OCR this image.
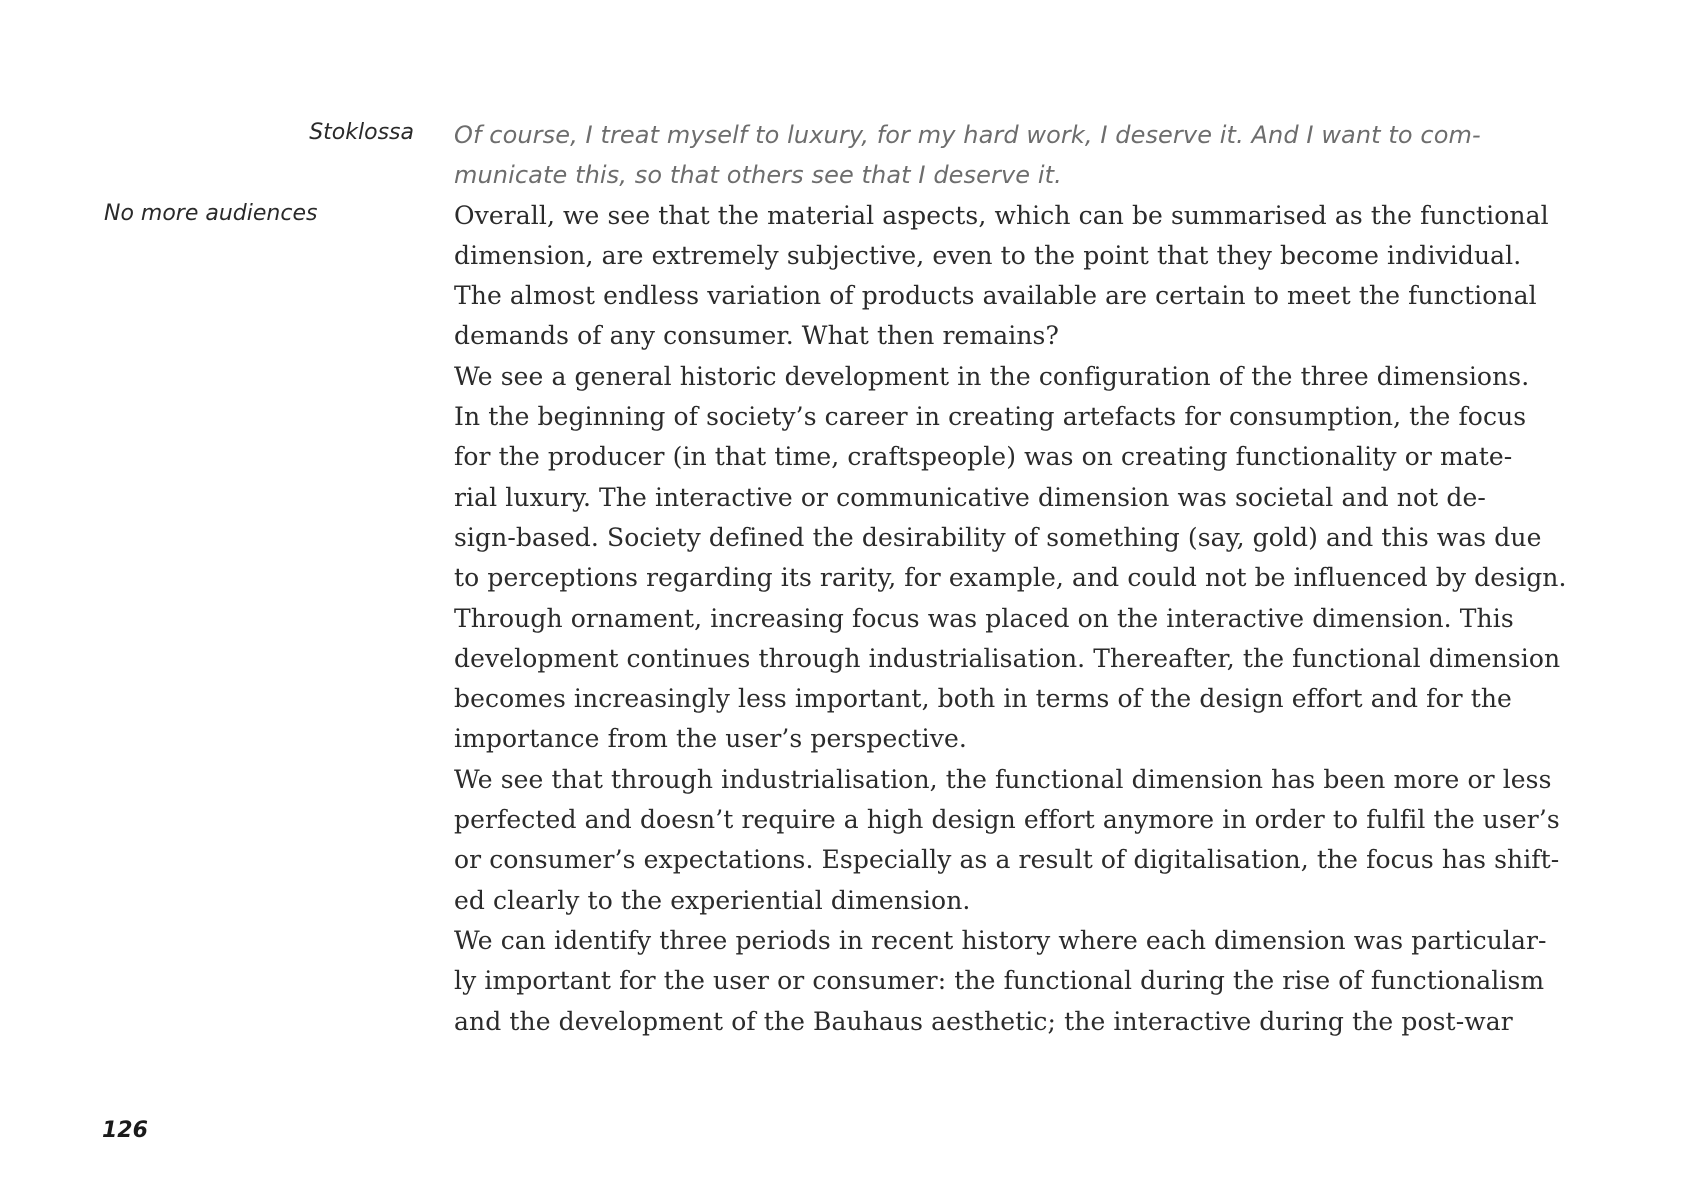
Stoklossa
No more audiences
Of course, I treat myself to luxury, for my hard work, I deserve it. And I want to com-
municate this, so that others see that I deserve it.
Overall, we see that the material aspects, which can be summarised as the functional
dimension, are extremely subjective, even to the point that they become individual.
The almost endless variation of products available are certain to meet the functional
demands of any consumer. What then remains?
We see a general historic development in the configuration of the three dimensions.
In the beginning of society’s career in creating artefacts for consumption, the focus
for the producer (in that time, craftspeople) was on creating functionality or mate-
rial luxury. The interactive or communicative dimension was societal and not de-
sign-based. Society defined the desirability of something (say, gold) and this was due
to perceptions regarding its rarity, for example, and could not be influenced by design.
Through ornament, increasing focus was placed on the interactive dimension. This
development continues through industrialisation. Thereafter, the functional dimension
becomes increasingly less important, both in terms of the design effort and for the
importance from the user’s perspective.
We see that through industrialisation, the functional dimension has been more or less
perfected and doesn’t require a high design effort anymore in order to fulfil the user’s
or consumer’s expectations. Especially as a result of digitalisation, the focus has shift-
ed clearly to the experiential dimension.
We can identify three periods in recent history where each dimension was particular-
ly important for the user or consumer: the functional during the rise of functionalism
and the development of the Bauhaus aesthetic; the interactive during the post-war
126
